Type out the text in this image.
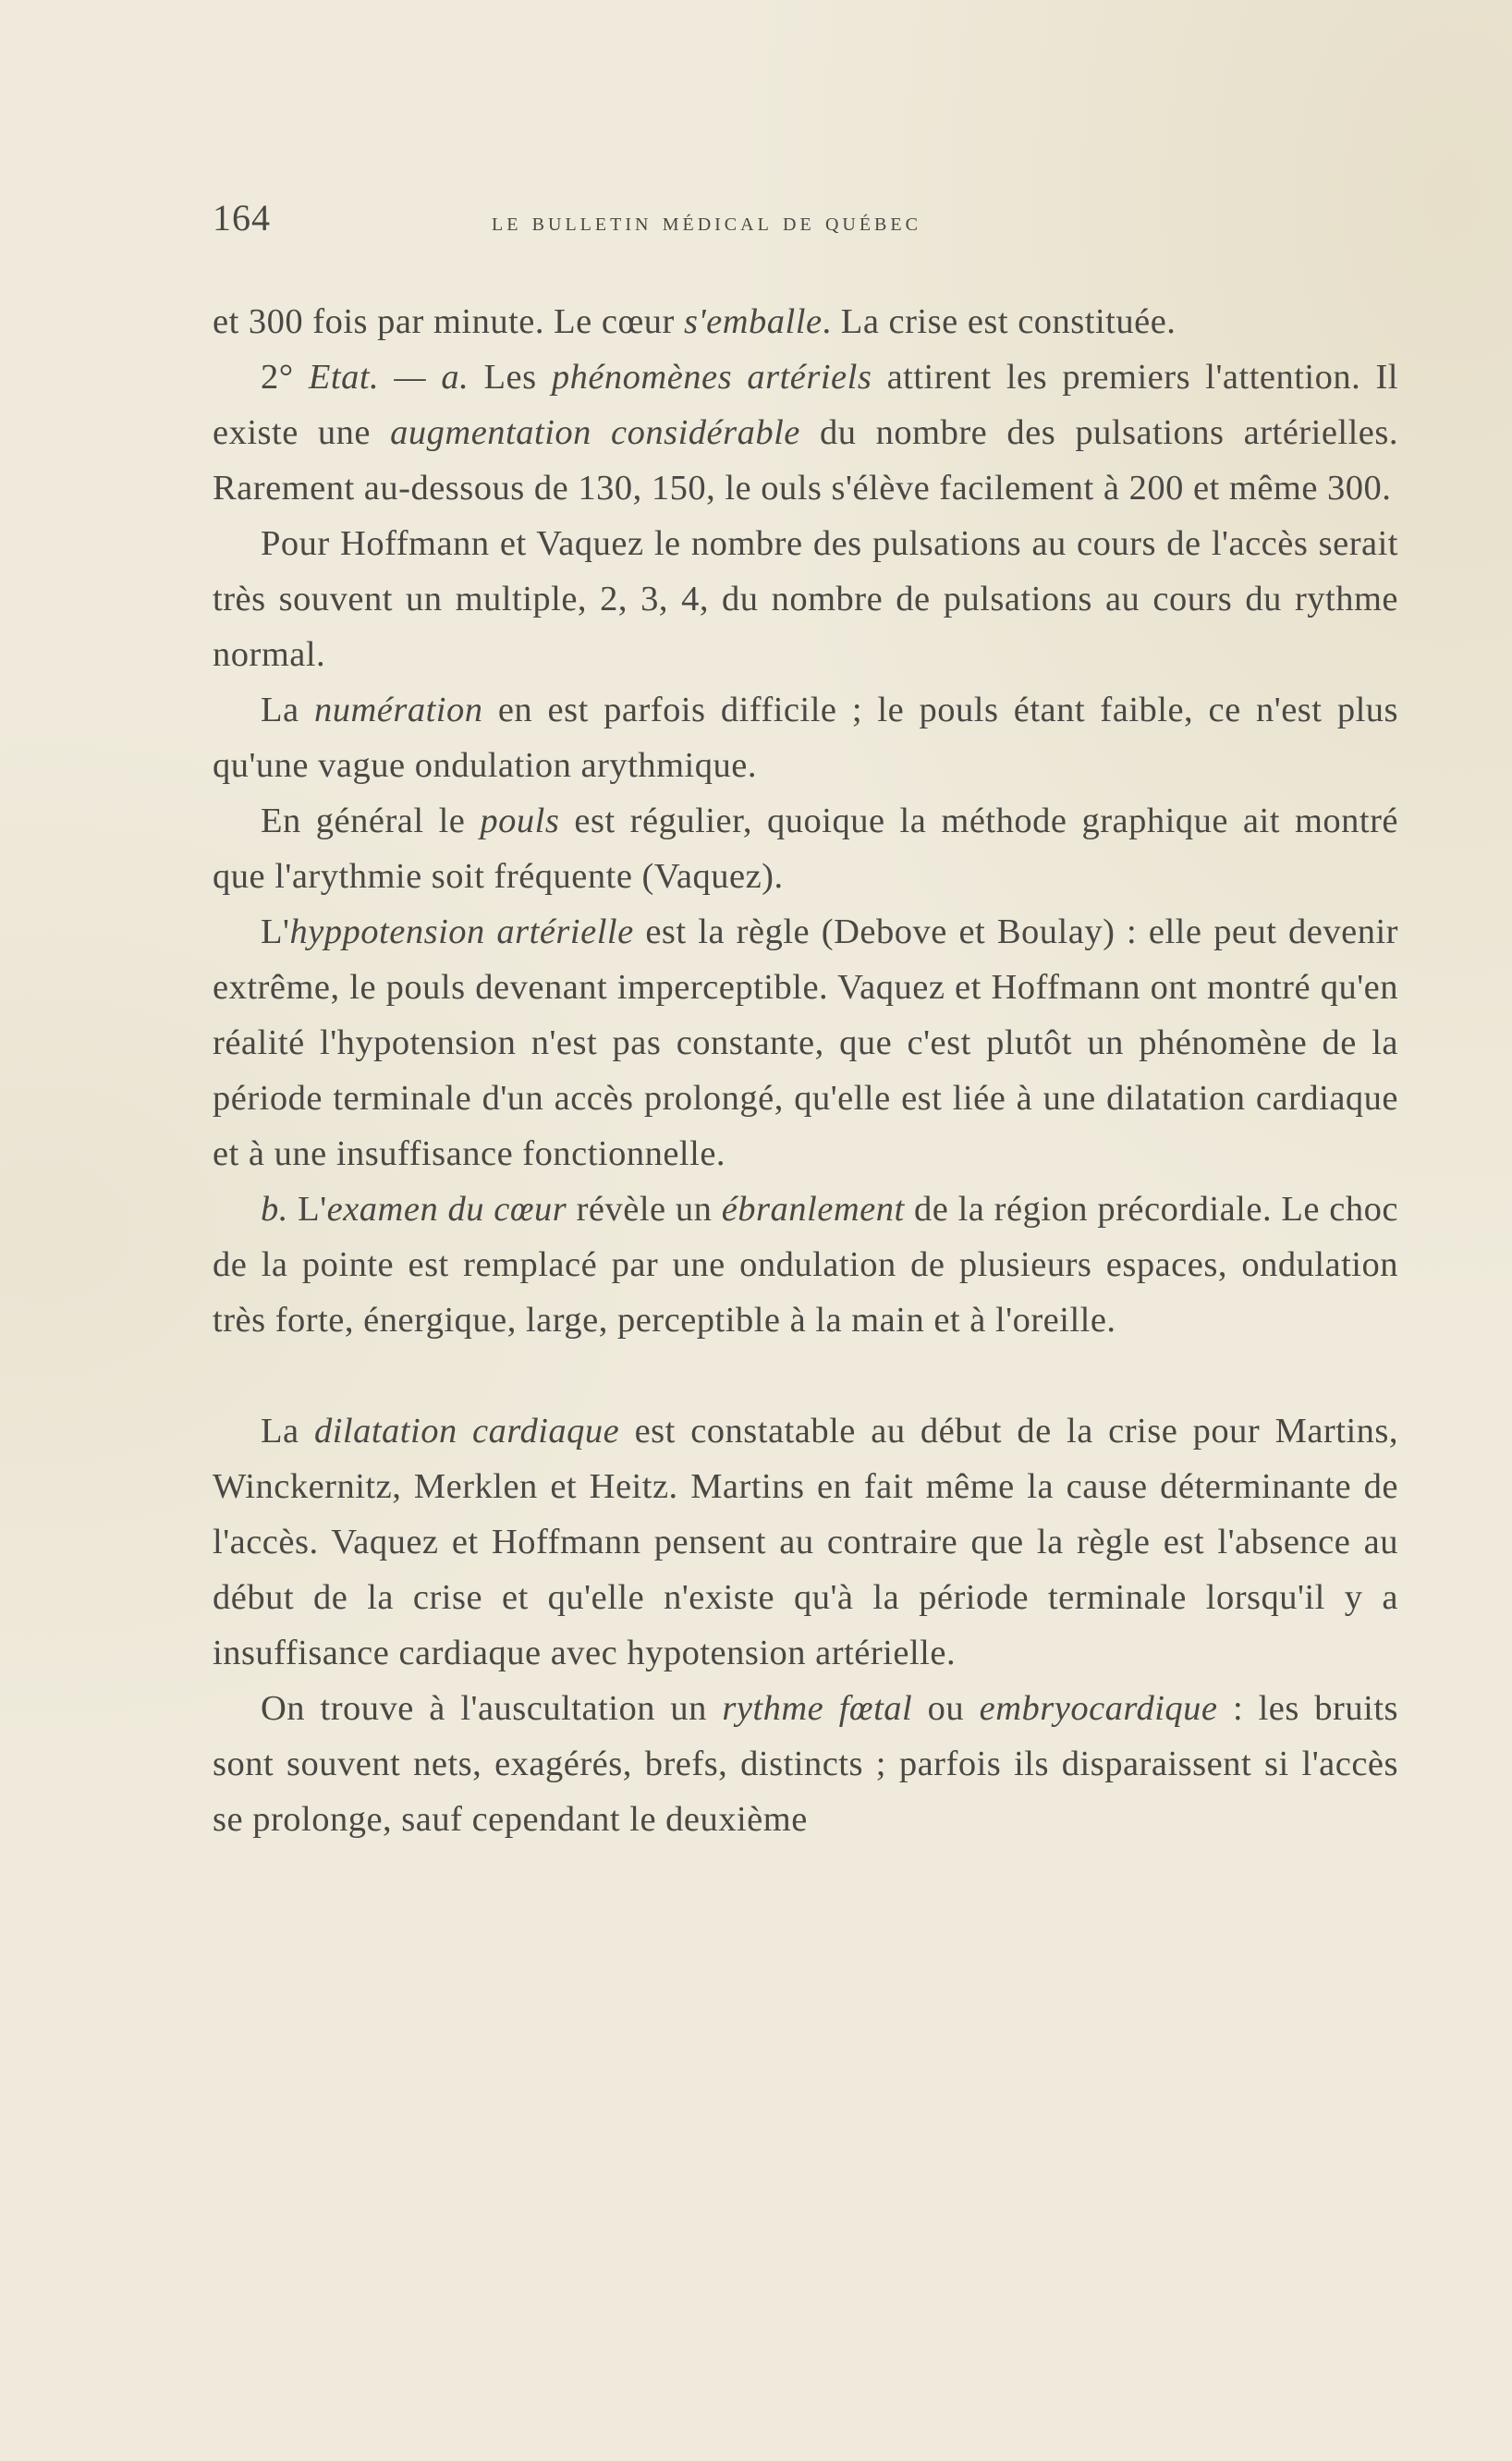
164	le bulletin médical de québec

et 300 fois par minute. Le cœur s'emballe. La crise est constituée.

2° Etat. — a. Les phénomènes artériels attirent les premiers l'attention. Il existe une augmentation considérable du nombre des pulsations artérielles. Rarement au-dessous de 130, 150, le ouls s'élève facilement à 200 et même 300.

Pour Hoffmann et Vaquez le nombre des pulsations au cours de l'accès serait très souvent un multiple, 2, 3, 4, du nombre de pulsations au cours du rythme normal.

La numération en est parfois difficile ; le pouls étant faible, ce n'est plus qu'une vague ondulation arythmique.

En général le pouls est régulier, quoique la méthode graphique ait montré que l'arythmie soit fréquente (Vaquez).

L'hyppotension artérielle est la règle (Debove et Boulay) : elle peut devenir extrême, le pouls devenant imperceptible. Vaquez et Hoffmann ont montré qu'en réalité l'hypotension n'est pas constante, que c'est plutôt un phénomène de la période terminale d'un accès prolongé, qu'elle est liée à une dilatation cardiaque et à une insuffisance fonctionnelle.

b. L'examen du cœur révèle un ébranlement de la région précordiale. Le choc de la pointe est remplacé par une ondulation de plusieurs espaces, ondulation très forte, énergique, large, perceptible à la main et à l'oreille.

La dilatation cardiaque est constatable au début de la crise pour Martins, Winckernitz, Merklen et Heitz. Martins en fait même la cause déterminante de l'accès. Vaquez et Hoffmann pensent au contraire que la règle est l'absence au début de la crise et qu'elle n'existe qu'à la période terminale lorsqu'il y a insuffisance cardiaque avec hypotension artérielle.

On trouve à l'auscultation un rythme fœtal ou embryocardique : les bruits sont souvent nets, exagérés, brefs, distincts ; parfois ils disparaissent si l'accès se prolonge, sauf cependant le deuxième
